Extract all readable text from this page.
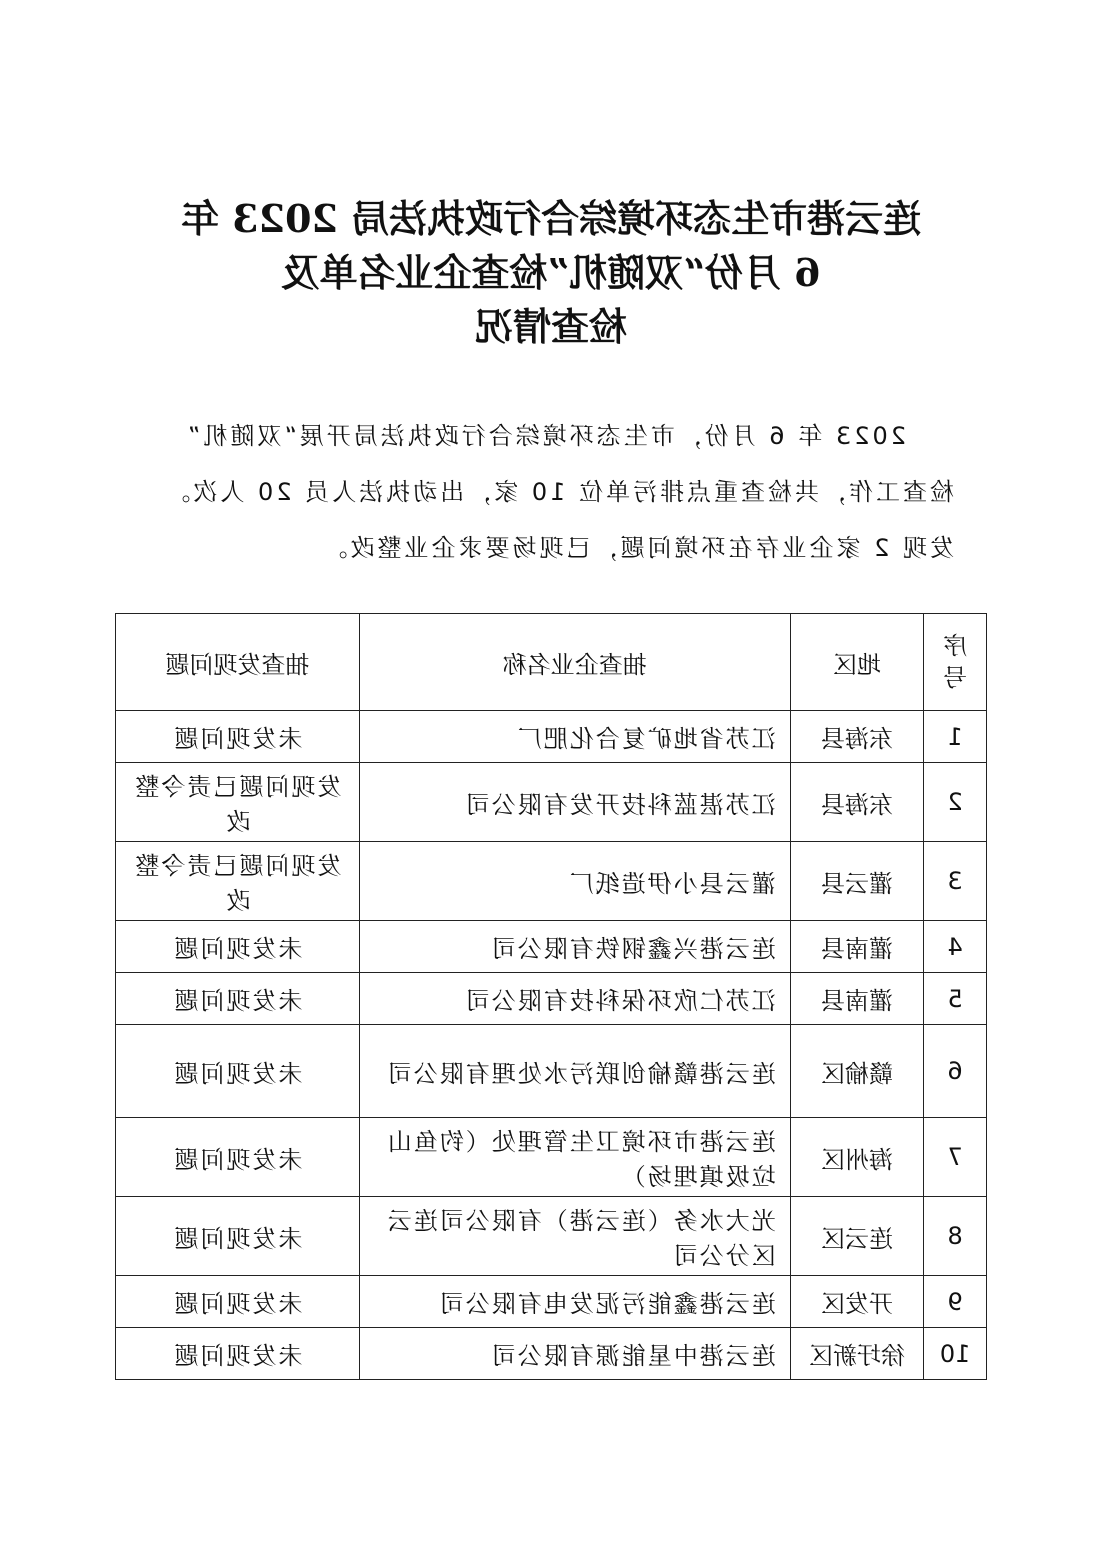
连云港市生态环境综合行政执法局 2023 年
6 月份“双随机”检查企业名单及
检查情况
2023 年 6 月份，市生态环境综合行政执法局开展“双随机”
检查工作，共检查重点排污单位 10 家，出动执法人员 20 人次。
发现 2 家企业存在环境问题，已现场要求企业整改。
序
号	地区	抽查企业名称	抽查发现问题
1	东海县	江苏省地矿复合化肥厂	未发现问题
2	东海县	江苏湛蓝科技开发有限公司	发现问题已责令整改
3	灌云县	灌云县小伊造纸厂	发现问题已责令整改
4	灌南县	连云港兴鑫钢铁有限公司	未发现问题
5	灌南县	江苏仁欣环保科技有限公司	未发现问题
6	赣榆区	连云港赣榆创联污水处理有限公司	未发现问题
7	海州区	连云港市环境卫生管理处（钓鱼山垃圾填埋场）	未发现问题
8	连云区	光大水务（连云港）有限公司连云区分公司	未发现问题
9	开发区	连云港鑫能污泥发电有限公司	未发现问题
10	徐圩新区	连云港中星能源有限公司	未发现问题
